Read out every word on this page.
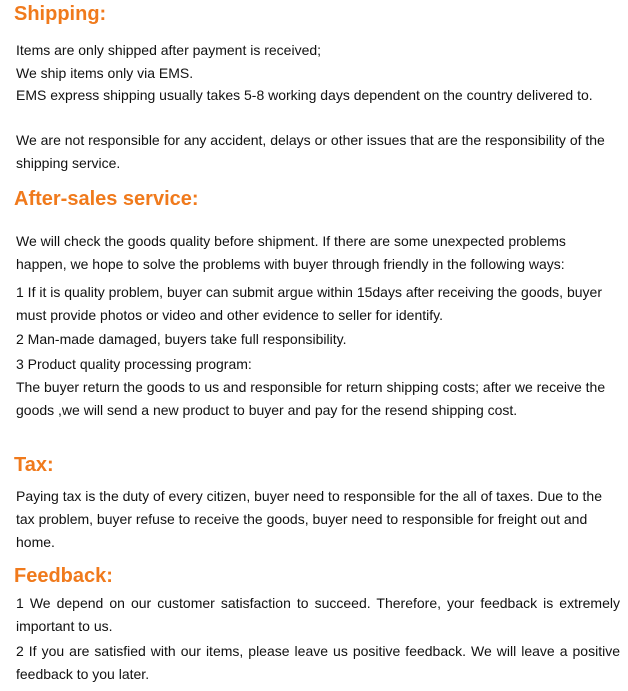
Shipping:

Items are only shipped after payment is received;

We ship items only via EMS.

EMS express shipping usually takes 5-8 working days dependent on the country delivered to.

We are not responsible for any accident, delays or other issues that are the responsibility of the shipping service.

After-sales service:

We will check the goods quality before shipment. If there are some unexpected problems happen, we hope to solve the problems with buyer through friendly in the following ways:

1 If it is quality problem, buyer can submit argue within 15days after receiving the goods, buyer must provide photos or video and other evidence to seller for identify.

2 Man-made damaged, buyers take full responsibility.

3 Product quality processing program:

The buyer return the goods to us and responsible for return shipping costs; after we receive the goods ,we will send a new product to buyer and pay for the resend shipping cost.

Tax:

Paying tax is the duty of every citizen, buyer need to responsible for the all of taxes. Due to the tax problem, buyer refuse to receive the goods, buyer need to responsible for freight out and home.

Feedback:

1 We depend on our customer satisfaction to succeed. Therefore, your feedback is extremely important to us.

2 If you are satisfied with our items, please leave us positive feedback. We will leave a positive feedback to you later.
